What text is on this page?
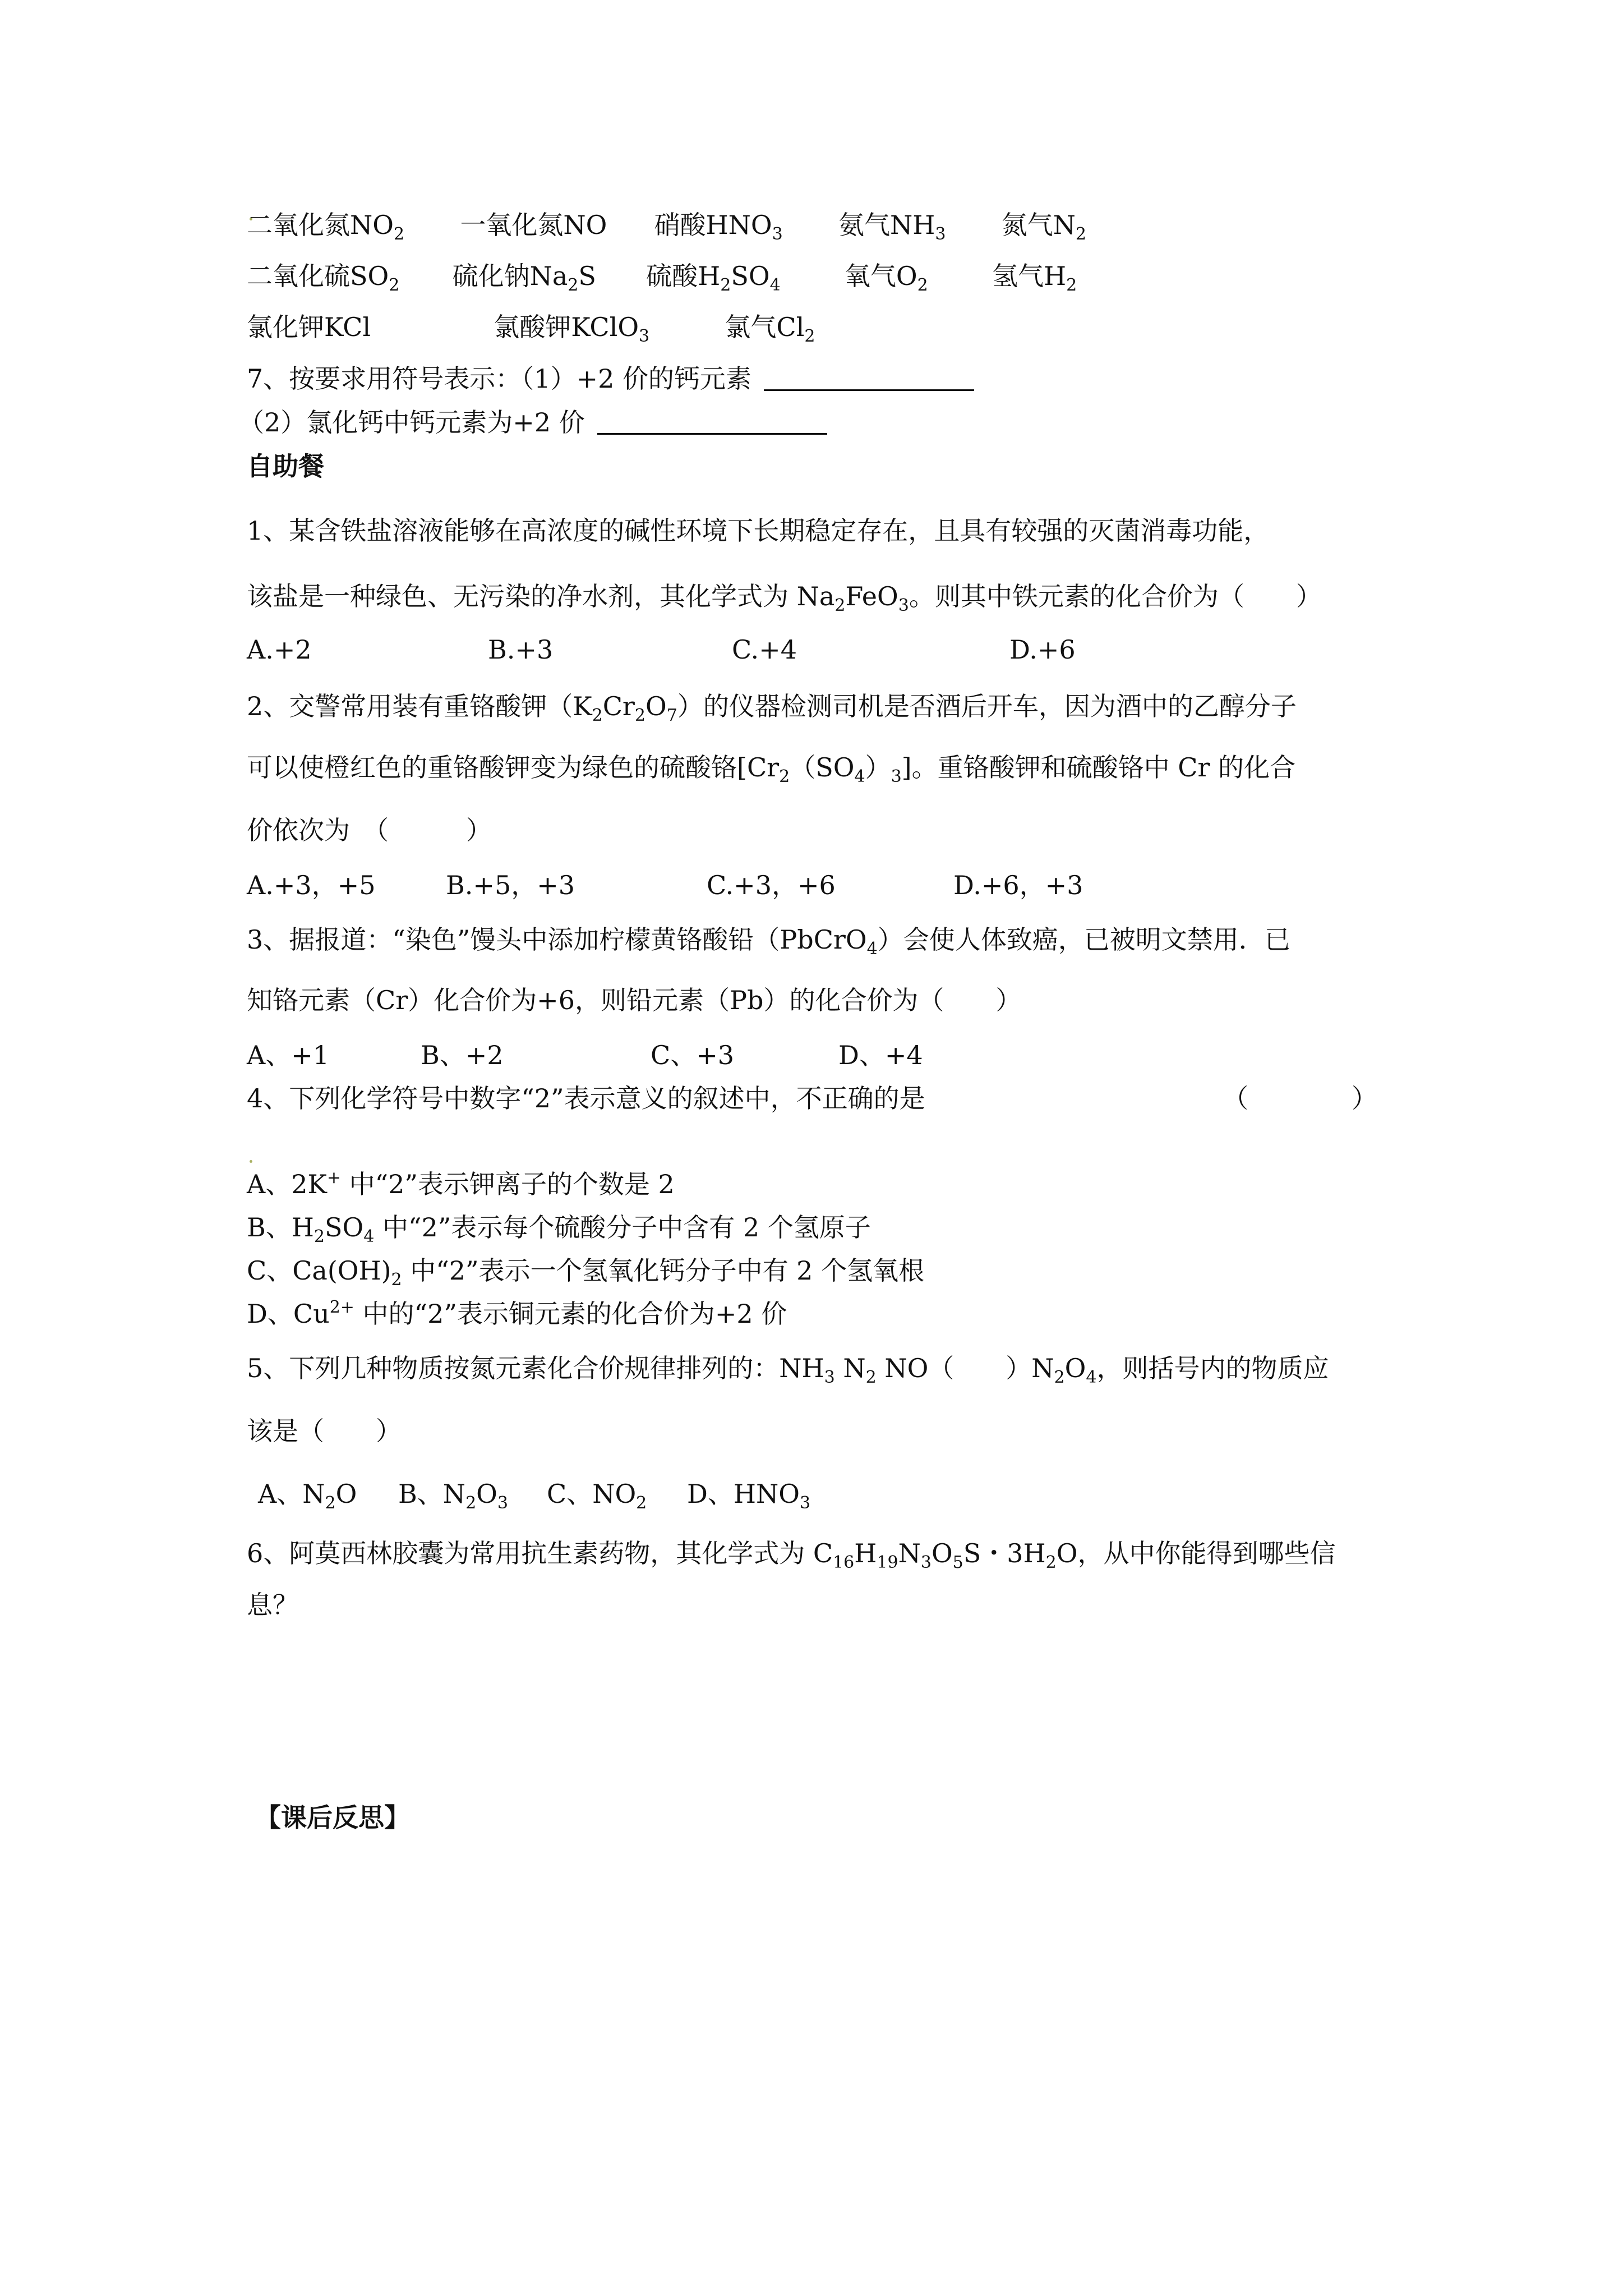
二氧化氮$NO_2$ 一氧化氮NO 硝酸$HNO_3$ 氨气$NH_3$ 氮气$N_2$
二氧化硫$SO_2$ 硫化钠$Na_2S$ 硫酸$H_2SO_4$ 氧气$O_2$ 氢气$H_2$
氯化钾KCl	氯酸钾KClO$_3$	氯气$Cl_2$
7、按要求用符号表示：（1）+2 价的钙元素
（2）氯化钙中钙元素为+2 价
自助餐
1、某含铁盐溶液能够在高浓度的碱性环境下长期稳定存在，且具有较强的灭菌消毒功能，
该盐是一种绿色、无污染的净水剂，其化学式为 $Na_2FeO_3$。则其中铁元素的化合价为（　　）
A.+2	B.+3	C.+4	D.+6
2、交警常用装有重铬酸钾$(K_2Cr_2O_7)$的仪器检测司机是否酒后开车，因为酒中的乙醇分子
可以使橙红色的重铬酸钾变为绿色的硫酸铬$[Cr_2(SO_4)_3]$。重铬酸钾和硫酸铬中 Cr 的化合
价依次为　（　　　）
A.+3，+5	B.+5，+3	C.+3，+6	D.+6，+3
3、据报道：“染色”馒头中添加柠檬黄铬酸铅（PbCrO$_4$）会使人体致癌，已被明文禁用．已
知铬元素（Cr）化合价为+6，则铅元素（Pb）的化合价为（　　）
A、+1	B、+2	C、+3	D、+4
4、下列化学符号中数字“2”表示意义的叙述中，不正确的是	（　　　　）
A、2K+ 中“2”表示钾离子的个数是 2
B、$H_2SO_4$ 中“2”表示每个硫酸分子中含有 2 个氢原子
C、$Ca(OH)_2$ 中“2”表示一个氢氧化钙分子中有 2 个氢氧根
D、$Cu^{2+}$ 中的“2”表示铜元素的化合价为+2 价
5、下列几种物质按氮元素化合价规律排列的：$NH_3$ $N_2$ NO（　　）$N_2O_4$，则括号内的物质应
该是（　　）
A、$N_2O$ B、$N_2O_3$ C、$NO_2$ D、$HNO_3$
6、阿莫西林胶囊为常用抗生素药物，其化学式为 $C_{16}H_{19}N_3O_5S$・$3H_2O$，从中你能得到哪些信
息？
【课后反思】
